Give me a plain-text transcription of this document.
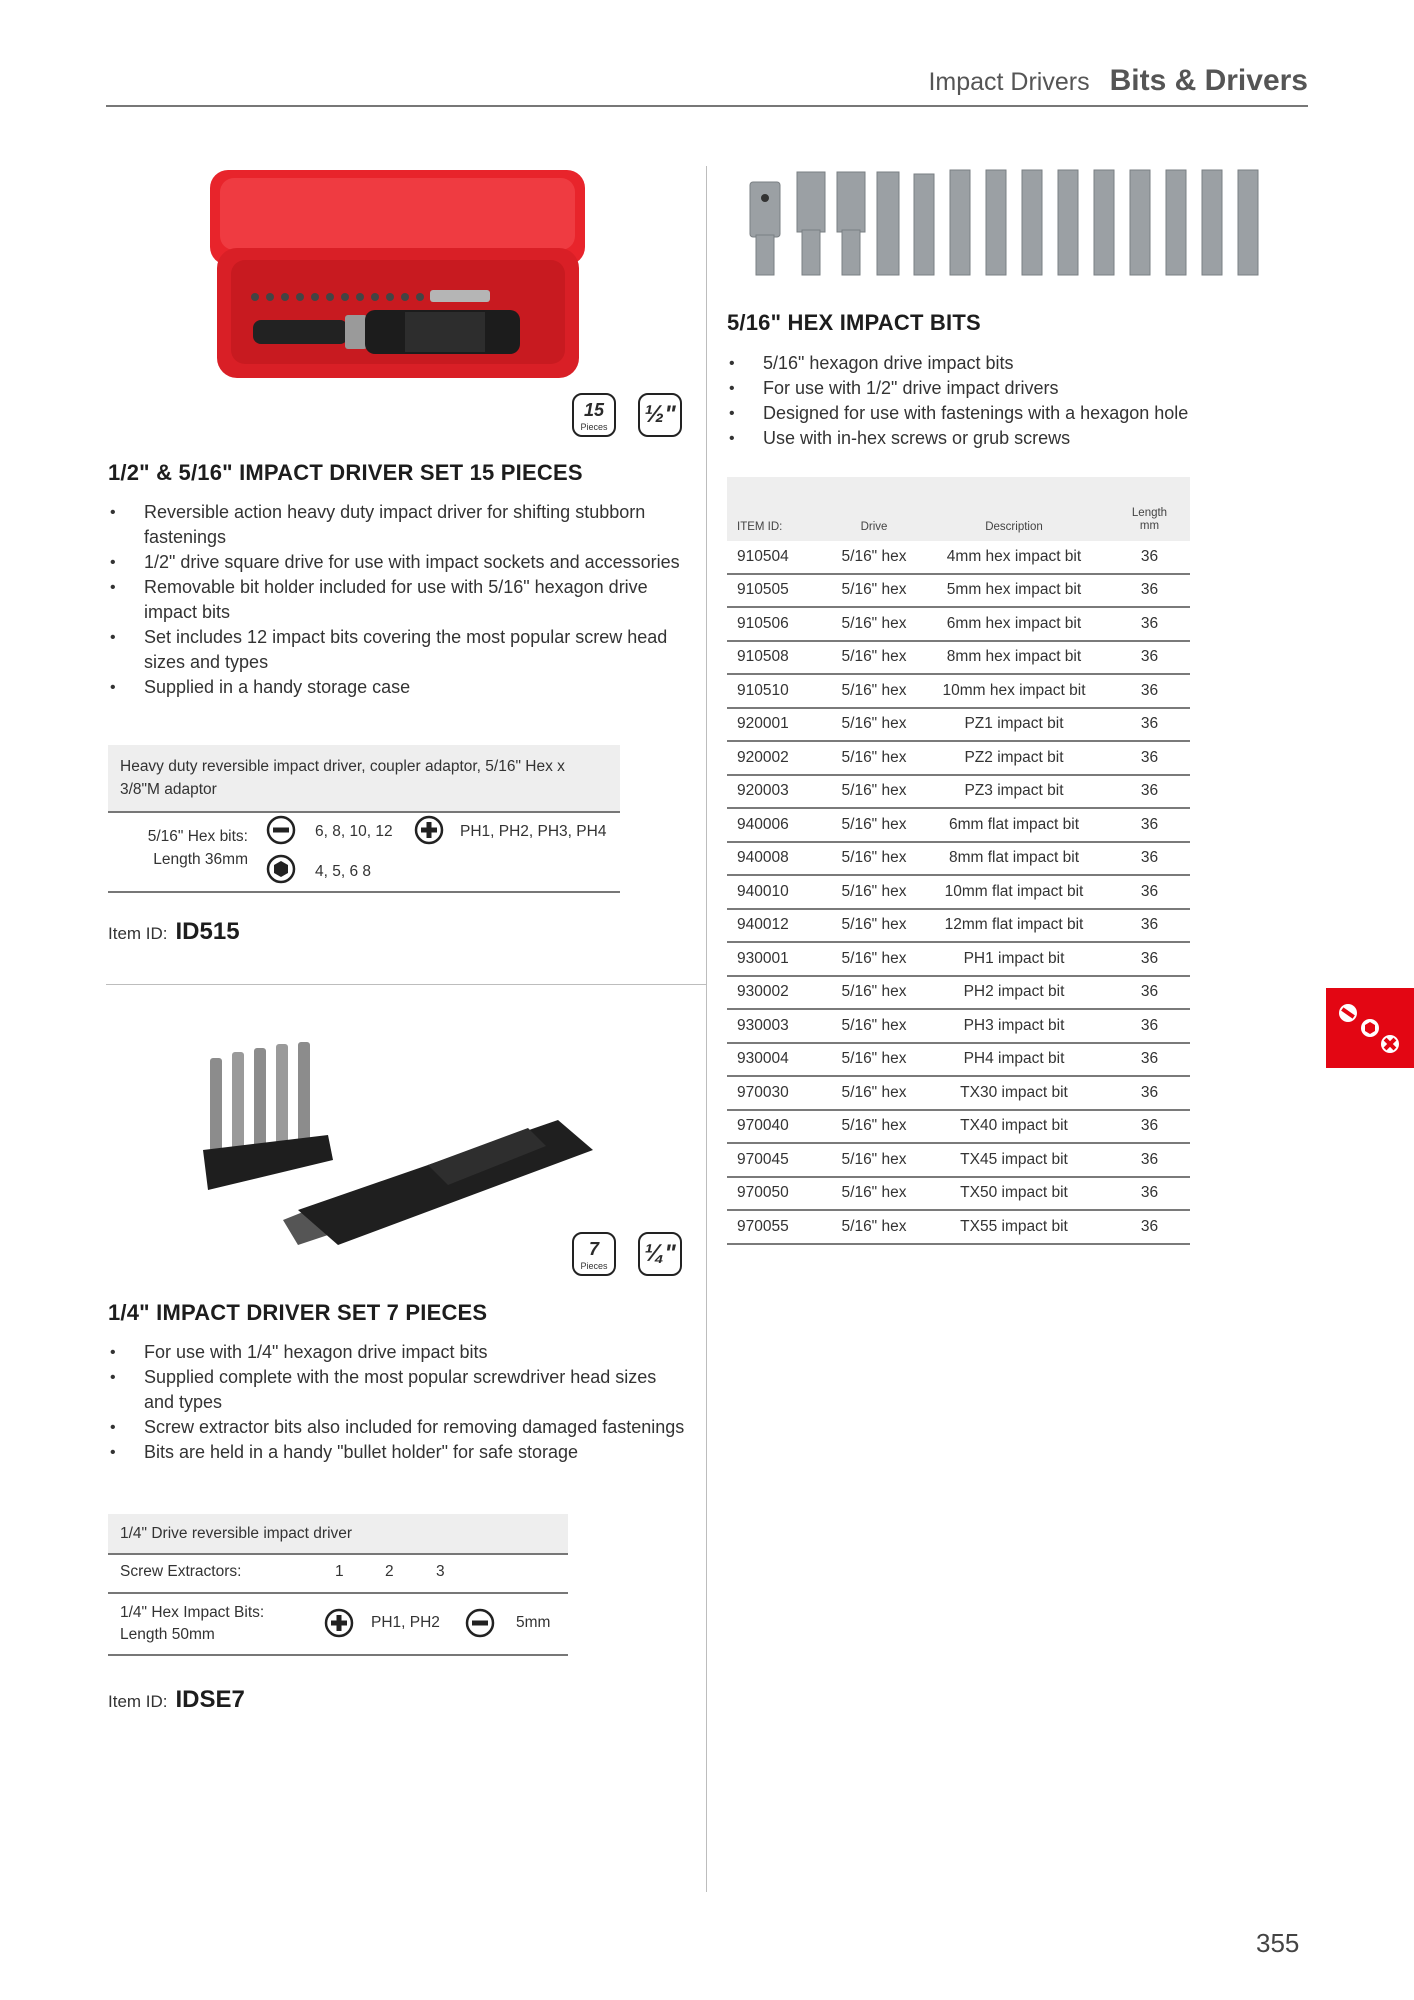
Impact Drivers Bits & Drivers
15
Pieces ½"
1/2" & 5/16" IMPACT DRIVER SET 15 PIECES
• Reversible action heavy duty impact driver for shifting stubborn fastenings
• 1/2" drive square drive for use with impact sockets and accessories
• Removable bit holder included for use with 5/16" hexagon drive impact bits
• Set includes 12 impact bits covering the most popular screw head sizes and types
• Supplied in a handy storage case
Heavy duty reversible impact driver, coupler adaptor, 5/16" Hex x 3/8"M adaptor
5/16" Hex bits:
Length 36mm
6, 8, 10, 12	PH1, PH2, PH3, PH4
4, 5, 6 8
Item ID: ID515
7
Pieces ¼"
1/4" IMPACT DRIVER SET 7 PIECES
• For use with 1/4" hexagon drive impact bits
• Supplied complete with the most popular screwdriver head sizes and types
• Screw extractor bits also included for removing damaged fastenings
• Bits are held in a handy "bullet holder" for safe storage
1/4" Drive reversible impact driver
Screw Extractors:	1	2	3
1/4" Hex Impact Bits:
Length 50mm
PH1, PH2	5mm
Item ID: IDSE7
5/16" HEX IMPACT BITS
• 5/16" hexagon drive impact bits
• For use with 1/2" drive impact drivers
• Designed for use with fastenings with a hexagon hole
• Use with in-hex screws or grub screws
ITEM ID:	Drive	Description	Length
mm
910504	5/16" hex	4mm hex impact bit	36
910505	5/16" hex	5mm hex impact bit	36
910506	5/16" hex	6mm hex impact bit	36
910508	5/16" hex	8mm hex impact bit	36
910510	5/16" hex	10mm hex impact bit	36
920001	5/16" hex	PZ1 impact bit	36
920002	5/16" hex	PZ2 impact bit	36
920003	5/16" hex	PZ3 impact bit	36
940006	5/16" hex	6mm flat impact bit	36
940008	5/16" hex	8mm flat impact bit	36
940010	5/16" hex	10mm flat impact bit	36
940012	5/16" hex	12mm flat impact bit	36
930001	5/16" hex	PH1 impact bit	36
930002	5/16" hex	PH2 impact bit	36
930003	5/16" hex	PH3 impact bit	36
930004	5/16" hex	PH4 impact bit	36
970030	5/16" hex	TX30 impact bit	36
970040	5/16" hex	TX40 impact bit	36
970045	5/16" hex	TX45 impact bit	36
970050	5/16" hex	TX50 impact bit	36
970055	5/16" hex	TX55 impact bit	36
355
